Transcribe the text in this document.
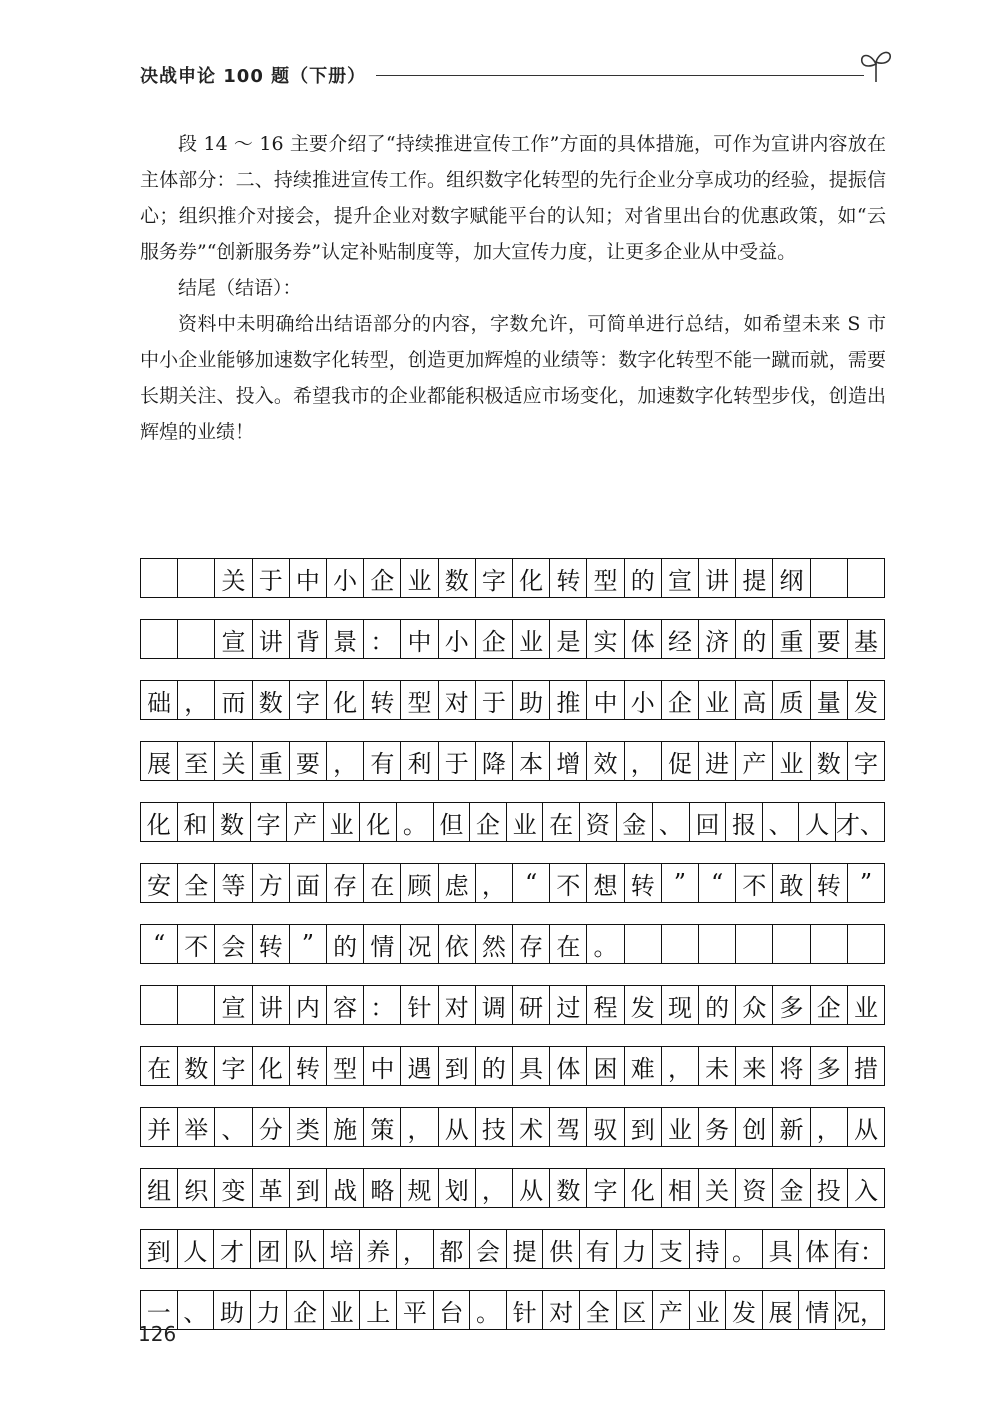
决战申论 100 题（下册）

段 14 ～ 16 主要介绍了“持续推进宣传工作”方面的具体措施，可作为宣讲内容放在主体部分：二、持续推进宣传工作。组织数字化转型的先行企业分享成功的经验，提振信心；组织推介对接会，提升企业对数字赋能平台的认知；对省里出台的优惠政策，如“云服务券”“创新服务券”认定补贴制度等，加大宣传力度，让更多企业从中受益。

结尾（结语）：

资料中未明确给出结语部分的内容，字数允许，可简单进行总结，如希望未来 S 市中小企业能够加速数字化转型，创造更加辉煌的业绩等：数字化转型不能一蹴而就，需要长期关注、投入。希望我市的企业都能积极适应市场变化，加速数字化转型步伐，创造出辉煌的业绩！

关 于 中 小 企 业 数 字 化 转 型 的 宣 讲 提 纲
宣 讲 背 景 ： 中 小 企 业 是 实 体 经 济 的 重 要 基
础 ， 而 数 字 化 转 型 对 于 助 推 中 小 企 业 高 质 量 发
展 至 关 重 要 ， 有 利 于 降 本 增 效 ， 促 进 产 业 数 字
化 和 数 字 产 业 化 。 但 企 业 在 资 金 、 回 报 、 人 才、
安 全 等 方 面 存 在 顾 虑 ， “ 不 想 转 ”	“ 不 敢 转 ”
“ 不 会 转 ” 的 情 况 依 然 存 在 。
宣 讲 内 容 ： 针 对 调 研 过 程 发 现 的 众 多 企 业
在 数 字 化 转 型 中 遇 到 的 具 体 困 难 ， 未 来 将 多 措
并 举 、 分 类 施 策 ， 从 技 术 驾 驭 到 业 务 创 新 ， 从
组 织 变 革 到 战 略 规 划 ， 从 数 字 化 相 关 资 金 投 入
到 人 才 团 队 培 养 ， 都 会 提 供 有 力 支 持 。 具 体 有：
一 、 助 力 企 业 上 平 台 。 针 对 全 区 产 业 发 展 情 况，
126
